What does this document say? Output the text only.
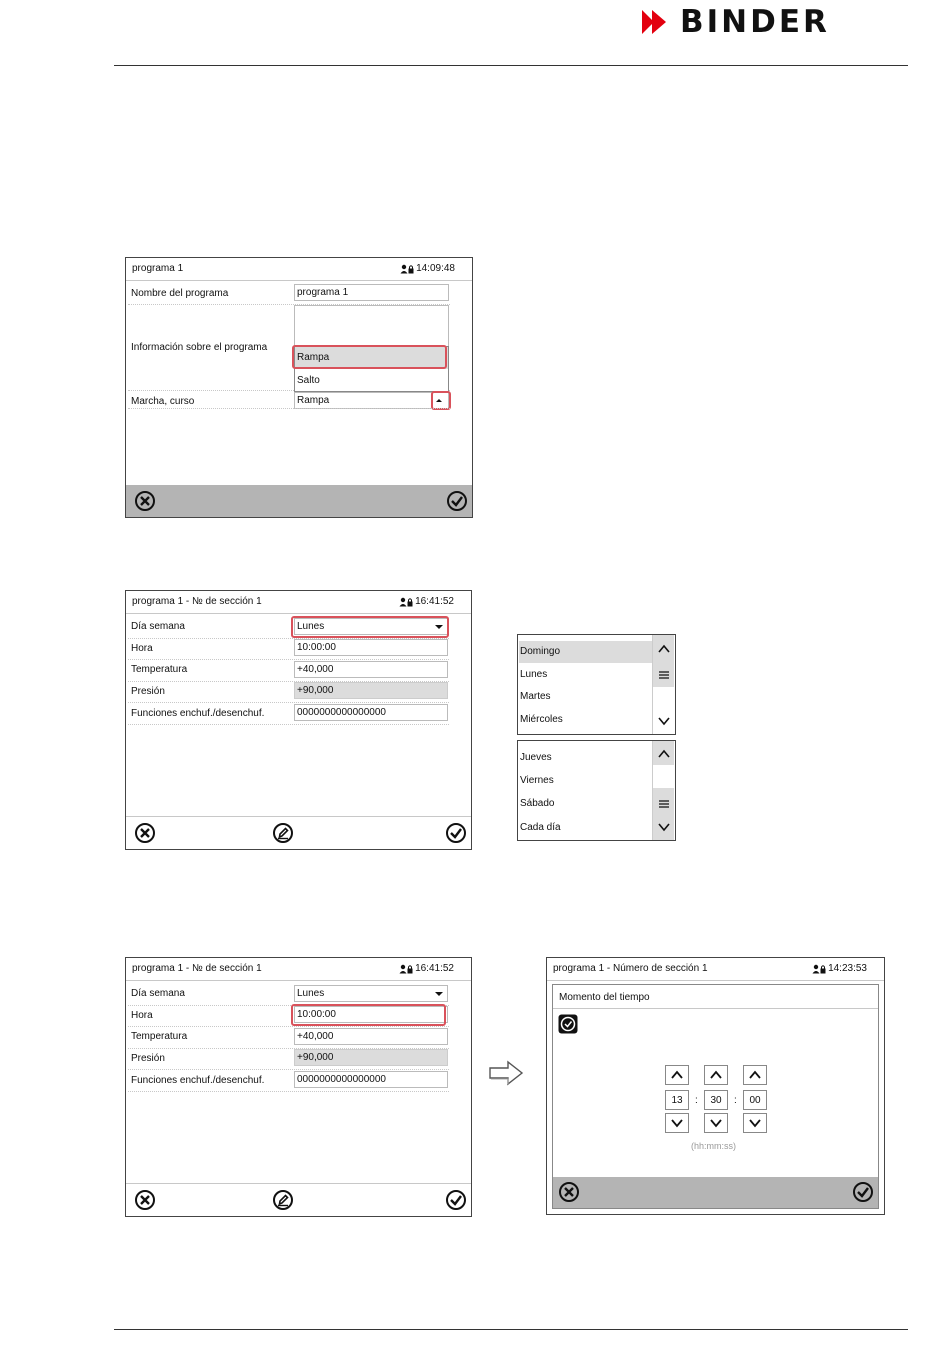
BINDER
programa 1	14:09:48
Nombre del programa	programa 1
Información sobre el programa
Rampa
Salto
Marcha, curso	Rampa
programa 1 - № de sección 1	16:41:52
Día semana	Lunes
Hora	10:00:00
Temperatura	+40,000
Presión	+90,000
Funciones enchuf./desenchuf.	0000000000000000
Domingo
Lunes
Martes
Miércoles
Jueves
Viernes
Sábado
Cada día
programa 1 - № de sección 1	16:41:52
Día semana	Lunes
Hora	10:00:00
Temperatura	+40,000
Presión	+90,000
Funciones enchuf./desenchuf.	0000000000000000
programa 1 - Número de sección 1	14:23:53
Momento del tiempo
13	:	30	:	00
(hh:mm:ss)
